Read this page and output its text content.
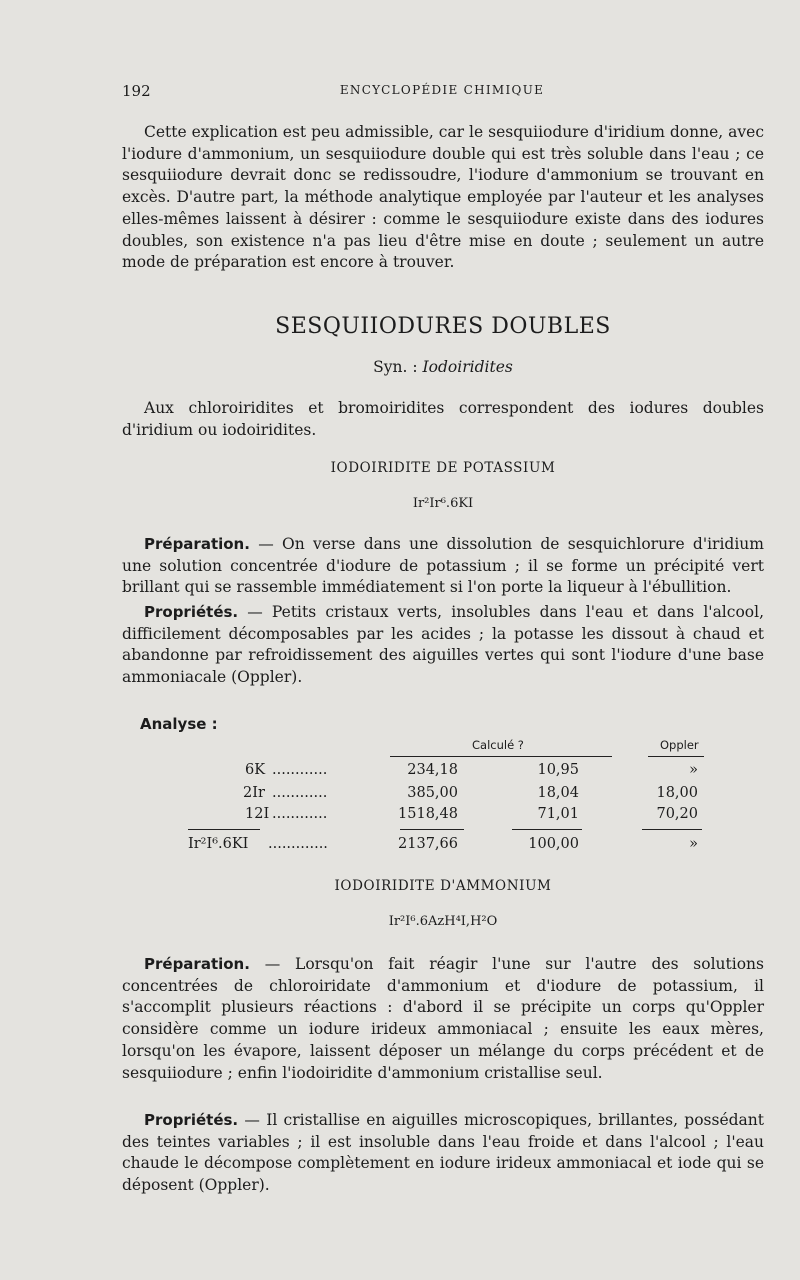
192	ENCYCLOPÉDIE CHIMIQUE

Cette explication est peu admissible, car le sesquiiodure d'iridium donne, avec l'iodure d'ammonium, un sesquiiodure double qui est très soluble dans l'eau ; ce sesquiiodure devrait donc se redissoudre, l'iodure d'ammonium se trouvant en excès. D'autre part, la méthode analytique employée par l'auteur et les analyses elles-mêmes laissent à désirer : comme le sesquiiodure existe dans des iodures doubles, son existence n'a pas lieu d'être mise en doute ; seulement un autre mode de préparation est encore à trouver.

SESQUIIODURES DOUBLES
Syn. : Iodoiridites

Aux chloroiridites et bromoiridites correspondent des iodures doubles d'iridium ou iodoiridites.

IODOIRIDITE DE POTASSIUM
Ir²Ir⁶.6KI

Préparation. — On verse dans une dissolution de sesquichlorure d'iridium une solution concentrée d'iodure de potassium ; il se forme un précipité vert brillant qui se rassemble immédiatement si l'on porte la liqueur à l'ébullition.

Propriétés. — Petits cristaux verts, insolubles dans l'eau et dans l'alcool, difficilement décomposables par les acides ; la potasse les dissout à chaud et abandonne par refroidissement des aiguilles vertes qui sont l'iodure d'une base ammoniacale (Oppler).

Analyse :
Calculé ?	Oppler
6K ............	234,18	10,95	»
2Ir ............	385,00	18,04	18,00
12I ............	1518,48	71,01	70,20
Ir²I⁶.6KI .............	2137,66	100,00	»
IODOIRIDITE D'AMMONIUM
Ir²I⁶.6AzH⁴I,H²O

Préparation. — Lorsqu'on fait réagir l'une sur l'autre des solutions concentrées de chloroiridate d'ammonium et d'iodure de potassium, il s'accomplit plusieurs réactions : d'abord il se précipite un corps qu'Oppler considère comme un iodure irideux ammoniacal ; ensuite les eaux mères, lorsqu'on les évapore, laissent déposer un mélange du corps précédent et de sesquiiodure ; enfin l'iodoiridite d'ammonium cristallise seul.

Propriétés. — Il cristallise en aiguilles microscopiques, brillantes, possédant des teintes variables ; il est insoluble dans l'eau froide et dans l'alcool ; l'eau chaude le décompose complètement en iodure irideux ammoniacal et iode qui se déposent (Oppler).
